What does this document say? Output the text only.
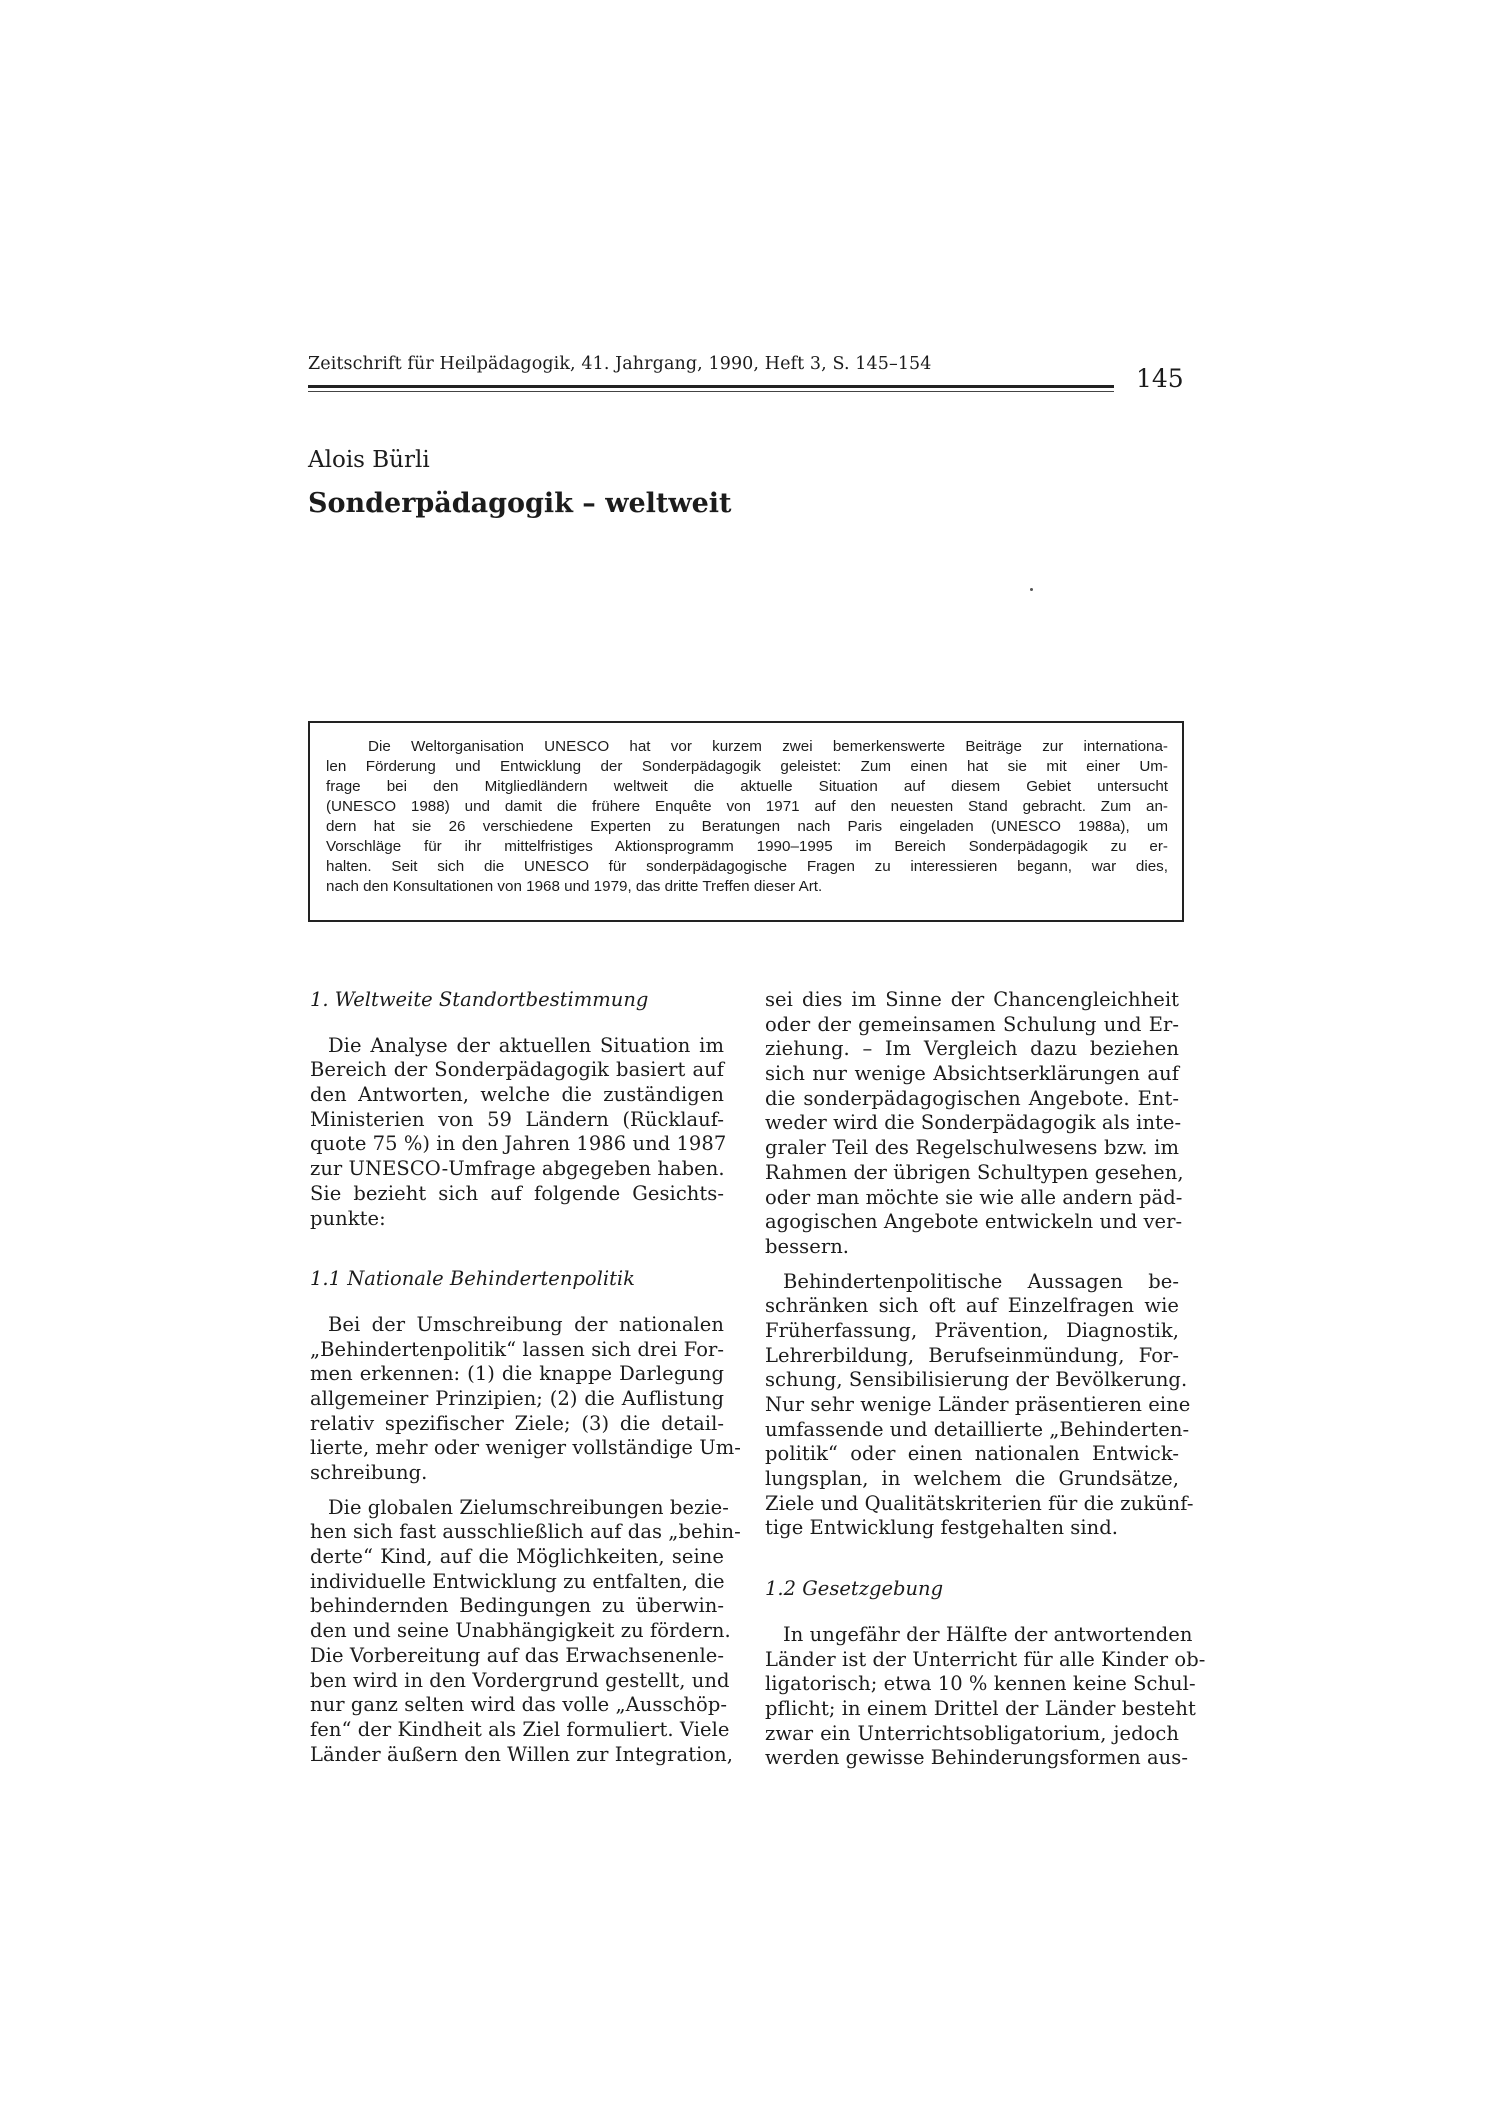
Zeitschrift für Heilpädagogik, 41. Jahrgang, 1990, Heft 3, S. 145–154	145
Alois Bürli
Sonderpädagogik – weltweit
Die Weltorganisation UNESCO hat vor kurzem zwei bemerkenswerte Beiträge zur internationa-
len Förderung und Entwicklung der Sonderpädagogik geleistet: Zum einen hat sie mit einer Um-
frage bei den Mitgliedländern weltweit die aktuelle Situation auf diesem Gebiet untersucht
(UNESCO 1988) und damit die frühere Enquête von 1971 auf den neuesten Stand gebracht. Zum an-
dern hat sie 26 verschiedene Experten zu Beratungen nach Paris eingeladen (UNESCO 1988a), um
Vorschläge für ihr mittelfristiges Aktionsprogramm 1990–1995 im Bereich Sonderpädagogik zu er-
halten. Seit sich die UNESCO für sonderpädagogische Fragen zu interessieren begann, war dies,
nach den Konsultationen von 1968 und 1979, das dritte Treffen dieser Art.
1. Weltweite Standortbestimmung
Die Analyse der aktuellen Situation im
Bereich der Sonderpädagogik basiert auf
den Antworten, welche die zuständigen
Ministerien von 59 Ländern (Rücklauf-
quote 75 %) in den Jahren 1986 und 1987
zur UNESCO-Umfrage abgegeben haben.
Sie bezieht sich auf folgende Gesichts-
punkte:
1.1 Nationale Behindertenpolitik
Bei der Umschreibung der nationalen
„Behindertenpolitik“ lassen sich drei For-
men erkennen: (1) die knappe Darlegung
allgemeiner Prinzipien; (2) die Auflistung
relativ spezifischer Ziele; (3) die detail-
lierte, mehr oder weniger vollständige Um-
schreibung.
Die globalen Zielumschreibungen bezie-
hen sich fast ausschließlich auf das „behin-
derte“ Kind, auf die Möglichkeiten, seine
individuelle Entwicklung zu entfalten, die
behindernden Bedingungen zu überwin-
den und seine Unabhängigkeit zu fördern.
Die Vorbereitung auf das Erwachsenenle-
ben wird in den Vordergrund gestellt, und
nur ganz selten wird das volle „Ausschöp-
fen“ der Kindheit als Ziel formuliert. Viele
Länder äußern den Willen zur Integration,
sei dies im Sinne der Chancengleichheit
oder der gemeinsamen Schulung und Er-
ziehung. – Im Vergleich dazu beziehen
sich nur wenige Absichtserklärungen auf
die sonderpädagogischen Angebote. Ent-
weder wird die Sonderpädagogik als inte-
graler Teil des Regelschulwesens bzw. im
Rahmen der übrigen Schultypen gesehen,
oder man möchte sie wie alle andern päd-
agogischen Angebote entwickeln und ver-
bessern.
Behindertenpolitische Aussagen be-
schränken sich oft auf Einzelfragen wie
Früherfassung, Prävention, Diagnostik,
Lehrerbildung, Berufseinmündung, For-
schung, Sensibilisierung der Bevölkerung.
Nur sehr wenige Länder präsentieren eine
umfassende und detaillierte „Behinderten-
politik“ oder einen nationalen Entwick-
lungsplan, in welchem die Grundsätze,
Ziele und Qualitätskriterien für die zukünf-
tige Entwicklung festgehalten sind.
1.2 Gesetzgebung
In ungefähr der Hälfte der antwortenden
Länder ist der Unterricht für alle Kinder ob-
ligatorisch; etwa 10 % kennen keine Schul-
pflicht; in einem Drittel der Länder besteht
zwar ein Unterrichtsobligatorium, jedoch
werden gewisse Behinderungsformen aus-
